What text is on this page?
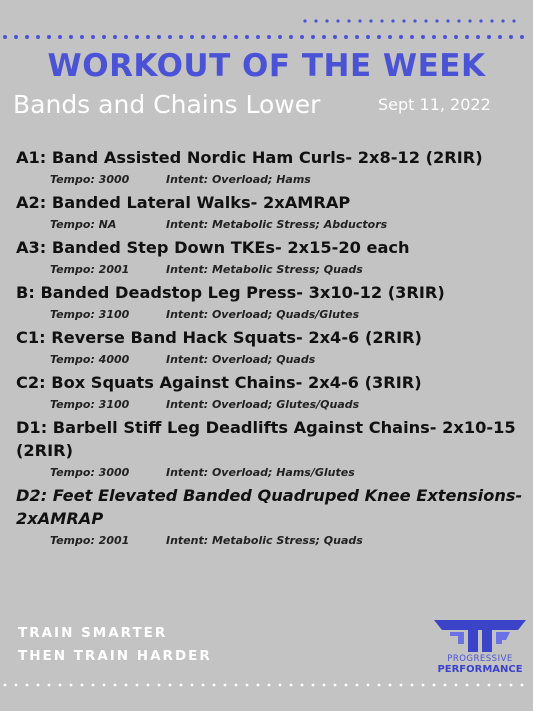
WORKOUT OF THE WEEK
Bands and Chains Lower	Sept 11, 2022
A1: Band Assisted Nordic Ham Curls- 2x8-12 (2RIR)
Tempo: 3000	Intent: Overload; Hams
A2: Banded Lateral Walks- 2xAMRAP
Tempo: NA	Intent: Metabolic Stress; Abductors
A3: Banded Step Down TKEs- 2x15-20 each
Tempo: 2001	Intent: Metabolic Stress; Quads
B: Banded Deadstop Leg Press- 3x10-12 (3RIR)
Tempo: 3100	Intent: Overload; Quads/Glutes
C1: Reverse Band Hack Squats- 2x4-6 (2RIR)
Tempo: 4000	Intent: Overload; Quads
C2: Box Squats Against Chains- 2x4-6 (3RIR)
Tempo: 3100	Intent: Overload; Glutes/Quads
D1: Barbell Stiff Leg Deadlifts Against Chains- 2x10-15 (2RIR)
Tempo: 3000	Intent: Overload; Hams/Glutes
D2: Feet Elevated Banded Quadruped Knee Extensions- 2xAMRAP
Tempo: 2001	Intent: Metabolic Stress; Quads
TRAIN SMARTER
THEN TRAIN HARDER	PROGRESSIVE
PERFORMANCE
